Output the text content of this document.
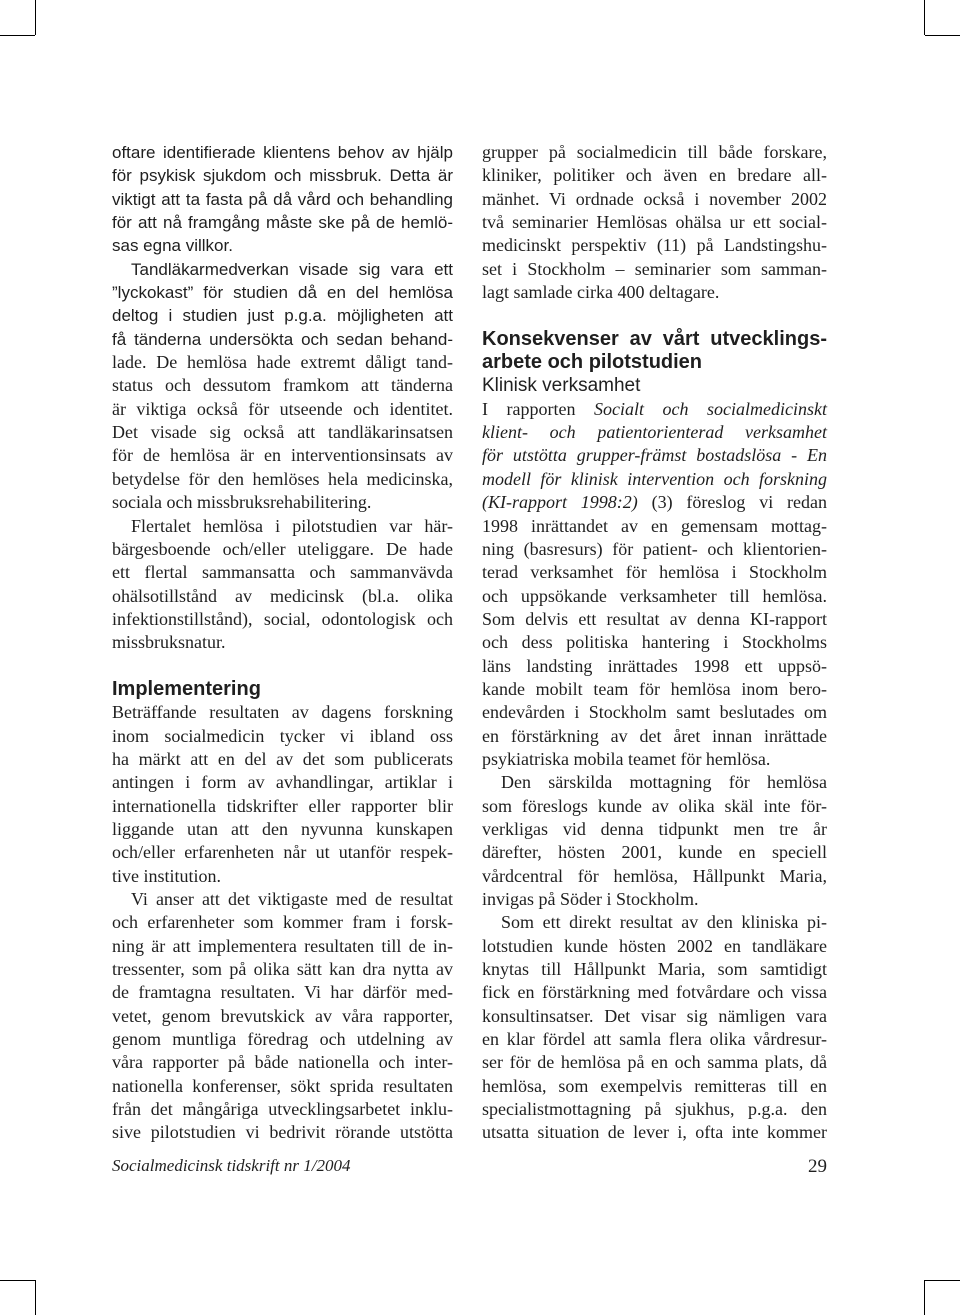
oftare identifierade klientens behov av hjälp
för psykisk sjukdom och missbruk. Detta är
viktigt att ta fasta på då vård och behandling
för att nå framgång måste ske på de hemlö-
sas egna villkor.
Tandläkarmedverkan visade sig vara ett
”lyckokast” för studien då en del hemlösa
deltog i studien just p.g.a. möjligheten att
få tänderna undersökta och sedan behand-
lade. De hemlösa hade extremt dåligt tand-
status och dessutom framkom att tänderna
är viktiga också för utseende och identitet.
Det visade sig också att tandläkarinsatsen
för de hemlösa är en interventionsinsats av
betydelse för den hemlöses hela medicinska,
sociala och missbruksrehabilitering.
Flertalet hemlösa i pilotstudien var här-
bärgesboende och/eller uteliggare. De hade
ett flertal sammansatta och sammanvävda
ohälsotillstånd av medicinsk (bl.a. olika
infektionstillstånd), social, odontologisk och
missbruksnatur.
Implementering
Beträffande resultaten av dagens forskning
inom socialmedicin tycker vi ibland oss
ha märkt att en del av det som publicerats
antingen i form av avhandlingar, artiklar i
internationella tidskrifter eller rapporter blir
liggande utan att den nyvunna kunskapen
och/eller erfarenheten når ut utanför respek-
tive institution.
Vi anser att det viktigaste med de resultat
och erfarenheter som kommer fram i forsk-
ning är att implementera resultaten till de in-
tressenter, som på olika sätt kan dra nytta av
de framtagna resultaten. Vi har därför med-
vetet, genom brevutskick av våra rapporter,
genom muntliga föredrag och utdelning av
våra rapporter på både nationella och inter-
nationella konferenser, sökt sprida resultaten
från det mångåriga utvecklingsarbetet inklu-
sive pilotstudien vi bedrivit rörande utstötta
grupper på socialmedicin till både forskare,
kliniker, politiker och även en bredare all-
mänhet. Vi ordnade också i november 2002
två seminarier Hemlösas ohälsa ur ett social-
medicinskt perspektiv (11) på Landstingshu-
set i Stockholm – seminarier som samman-
lagt samlade cirka 400 deltagare.
Konsekvenser av vårt utvecklings-
arbete och pilotstudien
Klinisk verksamhet
I rapporten Socialt och socialmedicinskt
klient- och patientorienterad verksamhet
för utstötta grupper-främst bostadslösa - En
modell för klinisk intervention och forskning
(KI-rapport 1998:2) (3) föreslog vi redan
1998 inrättandet av en gemensam mottag-
ning (basresurs) för patient- och klientorien-
terad verksamhet för hemlösa i Stockholm
och uppsökande verksamheter till hemlösa.
Som delvis ett resultat av denna KI-rapport
och dess politiska hantering i Stockholms
läns landsting inrättades 1998 ett uppsö-
kande mobilt team för hemlösa inom bero-
endevården i Stockholm samt beslutades om
en förstärkning av det året innan inrättade
psykiatriska mobila teamet för hemlösa.
Den särskilda mottagning för hemlösa
som föreslogs kunde av olika skäl inte för-
verkligas vid denna tidpunkt men tre år
därefter, hösten 2001, kunde en speciell
vårdcentral för hemlösa, Hållpunkt Maria,
invigas på Söder i Stockholm.
Som ett direkt resultat av den kliniska pi-
lotstudien kunde hösten 2002 en tandläkare
knytas till Hållpunkt Maria, som samtidigt
fick en förstärkning med fotvårdare och vissa
konsultinsatser. Det visar sig nämligen vara
en klar fördel att samla flera olika vårdresur-
ser för de hemlösa på en och samma plats, då
hemlösa, som exempelvis remitteras till en
specialistmottagning på sjukhus, p.g.a. den
utsatta situation de lever i, ofta inte kommer
Socialmedicinsk tidskrift nr 1/2004	29
